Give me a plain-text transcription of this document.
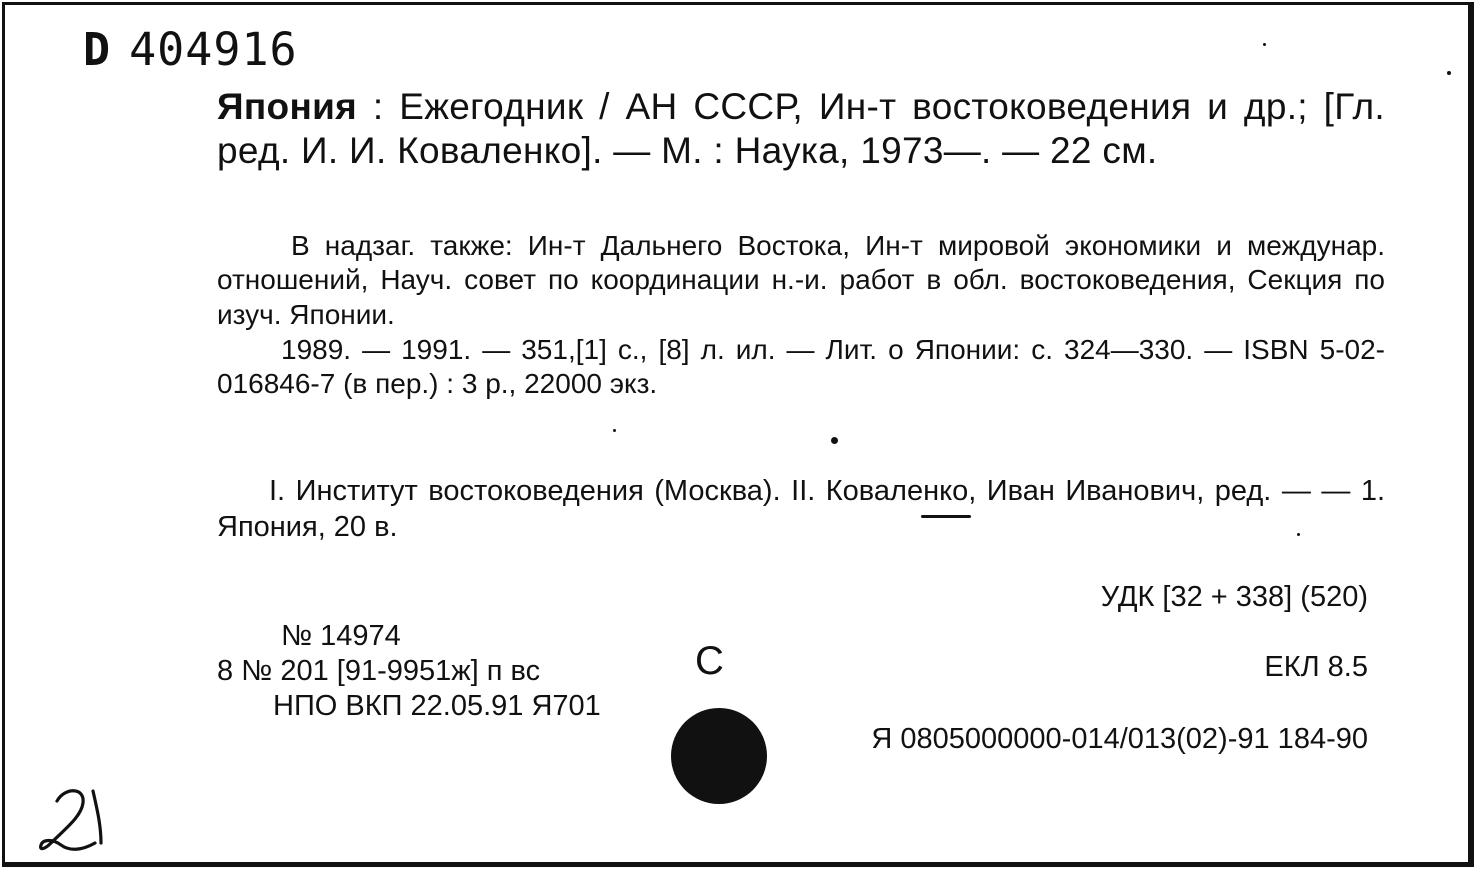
D 404916
Япония : Ежегодник / АН СССР, Ин-т востоковедения и др.; [Гл. ред. И. И. Коваленко]. — М. : Наука, 1973—. — 22 см.
В надзаг. также: Ин-т Дальнего Востока, Ин-т мировой экономики и междунар. отношений, Науч. совет по координации н.-и. работ в обл. востоковедения, Секция по изуч. Японии.
1989. — 1991. — 351,[1] с., [8] л. ил. — Лит. о Японии: с. 324—330. — ISBN 5-02-016846-7 (в пер.) : 3 р., 22000 экз.
I. Институт востоковедения (Москва). II. Коваленко, Иван Иванович, ред. — — 1. Япония, 20 в.
УДК [32 + 338] (520)
№ 14974
8 № 201 [91-9951ж] п вс
НПО ВКП 22.05.91 Я701
С	ЕКЛ 8.5
Я 0805000000-014/013(02)-91 184-90
